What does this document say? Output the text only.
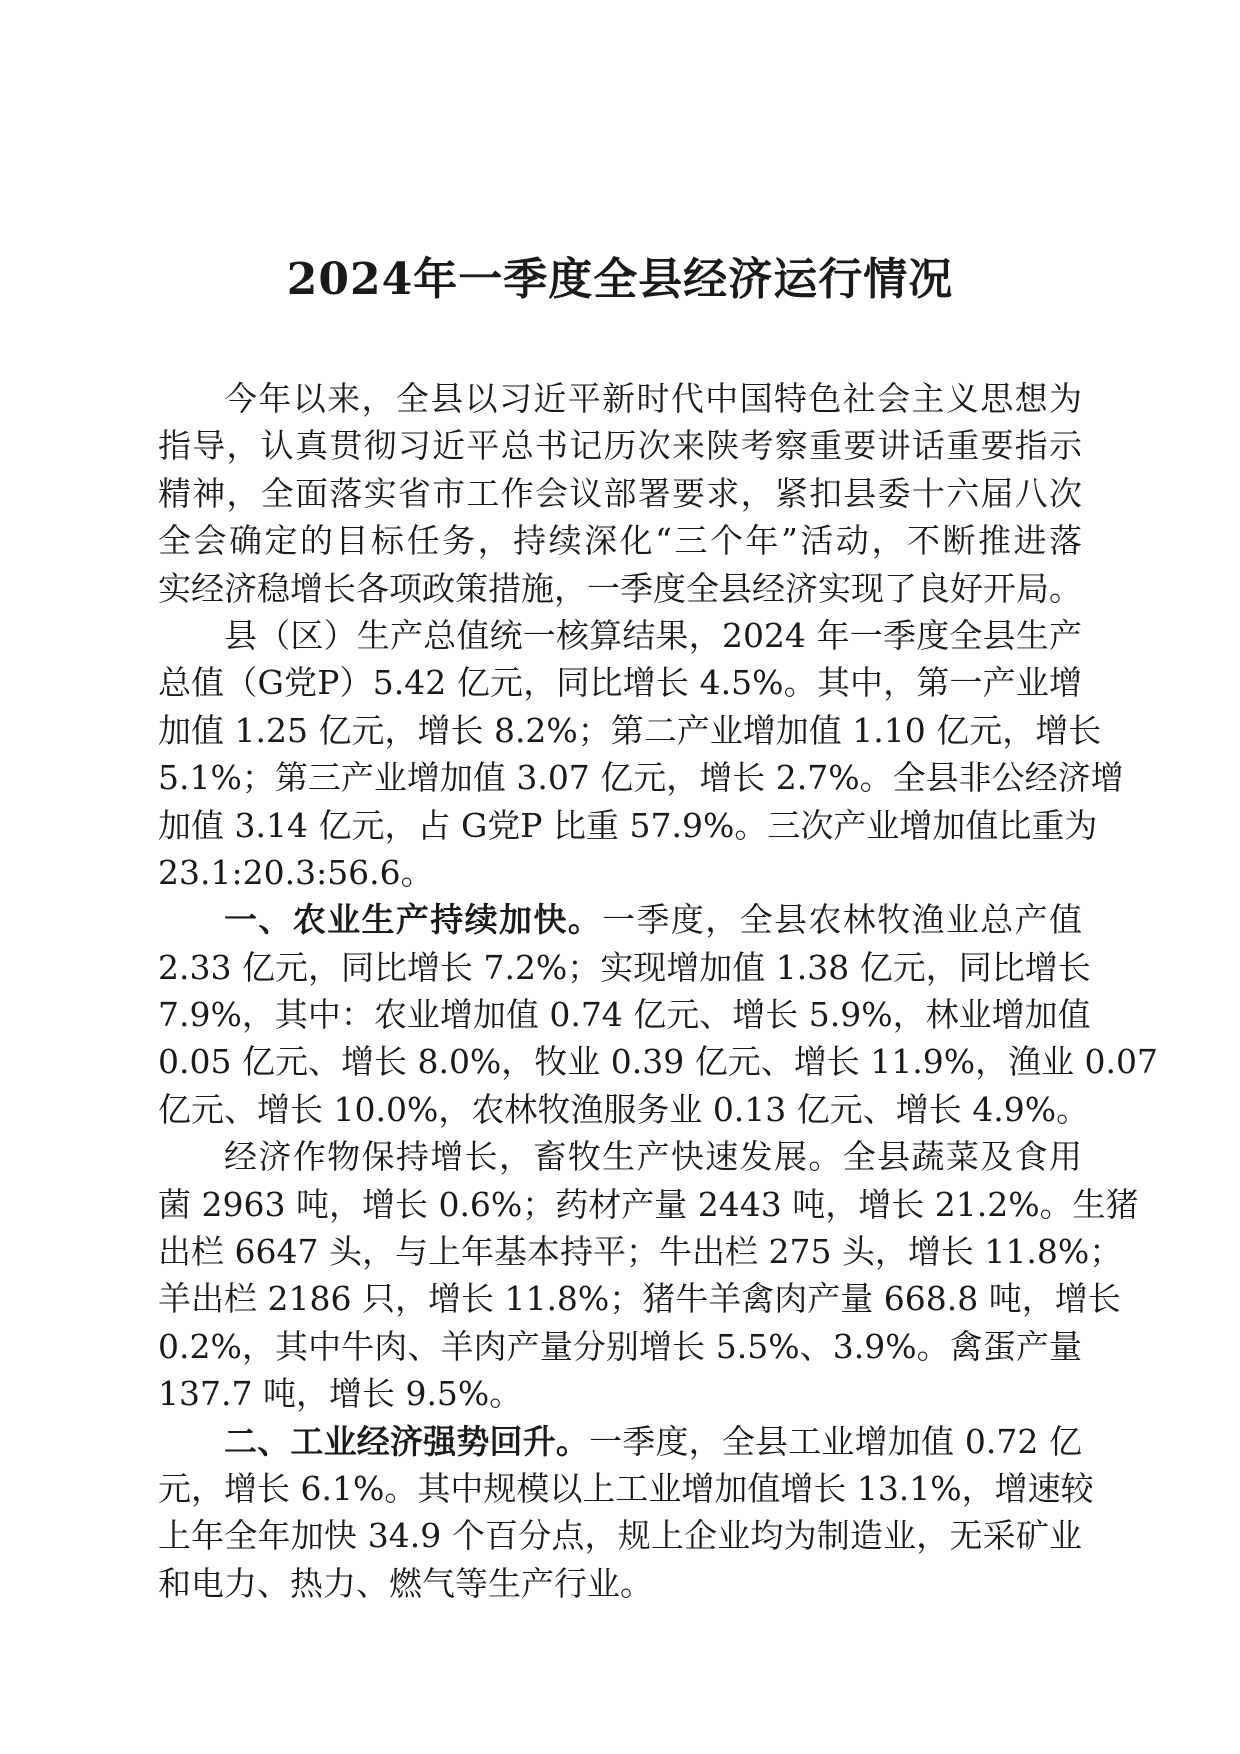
2024年一季度全县经济运行情况
今年以来，全县以习近平新时代中国特色社会主义思想为
指导，认真贯彻习近平总书记历次来陕考察重要讲话重要指示
精神，全面落实省市工作会议部署要求，紧扣县委十六届八次
全会确定的目标任务，持续深化“三个年”活动，不断推进落
实经济稳增长各项政策措施，一季度全县经济实现了良好开局。
县（区）生产总值统一核算结果，2024 年一季度全县生产
总值（G党P）5.42 亿元，同比增长 4.5%。其中，第一产业增
加值 1.25 亿元，增长 8.2%；第二产业增加值 1.10 亿元，增长
5.1%；第三产业增加值 3.07 亿元，增长 2.7%。全县非公经济增
加值 3.14 亿元，占 G党P 比重 57.9%。三次产业增加值比重为
23.1:20.3:56.6。
一、农业生产持续加快。一季度，全县农林牧渔业总产值
2.33 亿元，同比增长 7.2%；实现增加值 1.38 亿元，同比增长
7.9%，其中：农业增加值 0.74 亿元、增长 5.9%，林业增加值
0.05 亿元、增长 8.0%，牧业 0.39 亿元、增长 11.9%，渔业 0.07
亿元、增长 10.0%，农林牧渔服务业 0.13 亿元、增长 4.9%。
经济作物保持增长，畜牧生产快速发展。全县蔬菜及食用
菌 2963 吨，增长 0.6%；药材产量 2443 吨，增长 21.2%。生猪
出栏 6647 头，与上年基本持平；牛出栏 275 头，增长 11.8%；
羊出栏 2186 只，增长 11.8%；猪牛羊禽肉产量 668.8 吨，增长
0.2%，其中牛肉、羊肉产量分别增长 5.5%、3.9%。禽蛋产量
137.7 吨，增长 9.5%。
二、工业经济强势回升。一季度，全县工业增加值 0.72 亿
元，增长 6.1%。其中规模以上工业增加值增长 13.1%，增速较
上年全年加快 34.9 个百分点，规上企业均为制造业，无采矿业
和电力、热力、燃气等生产行业。
